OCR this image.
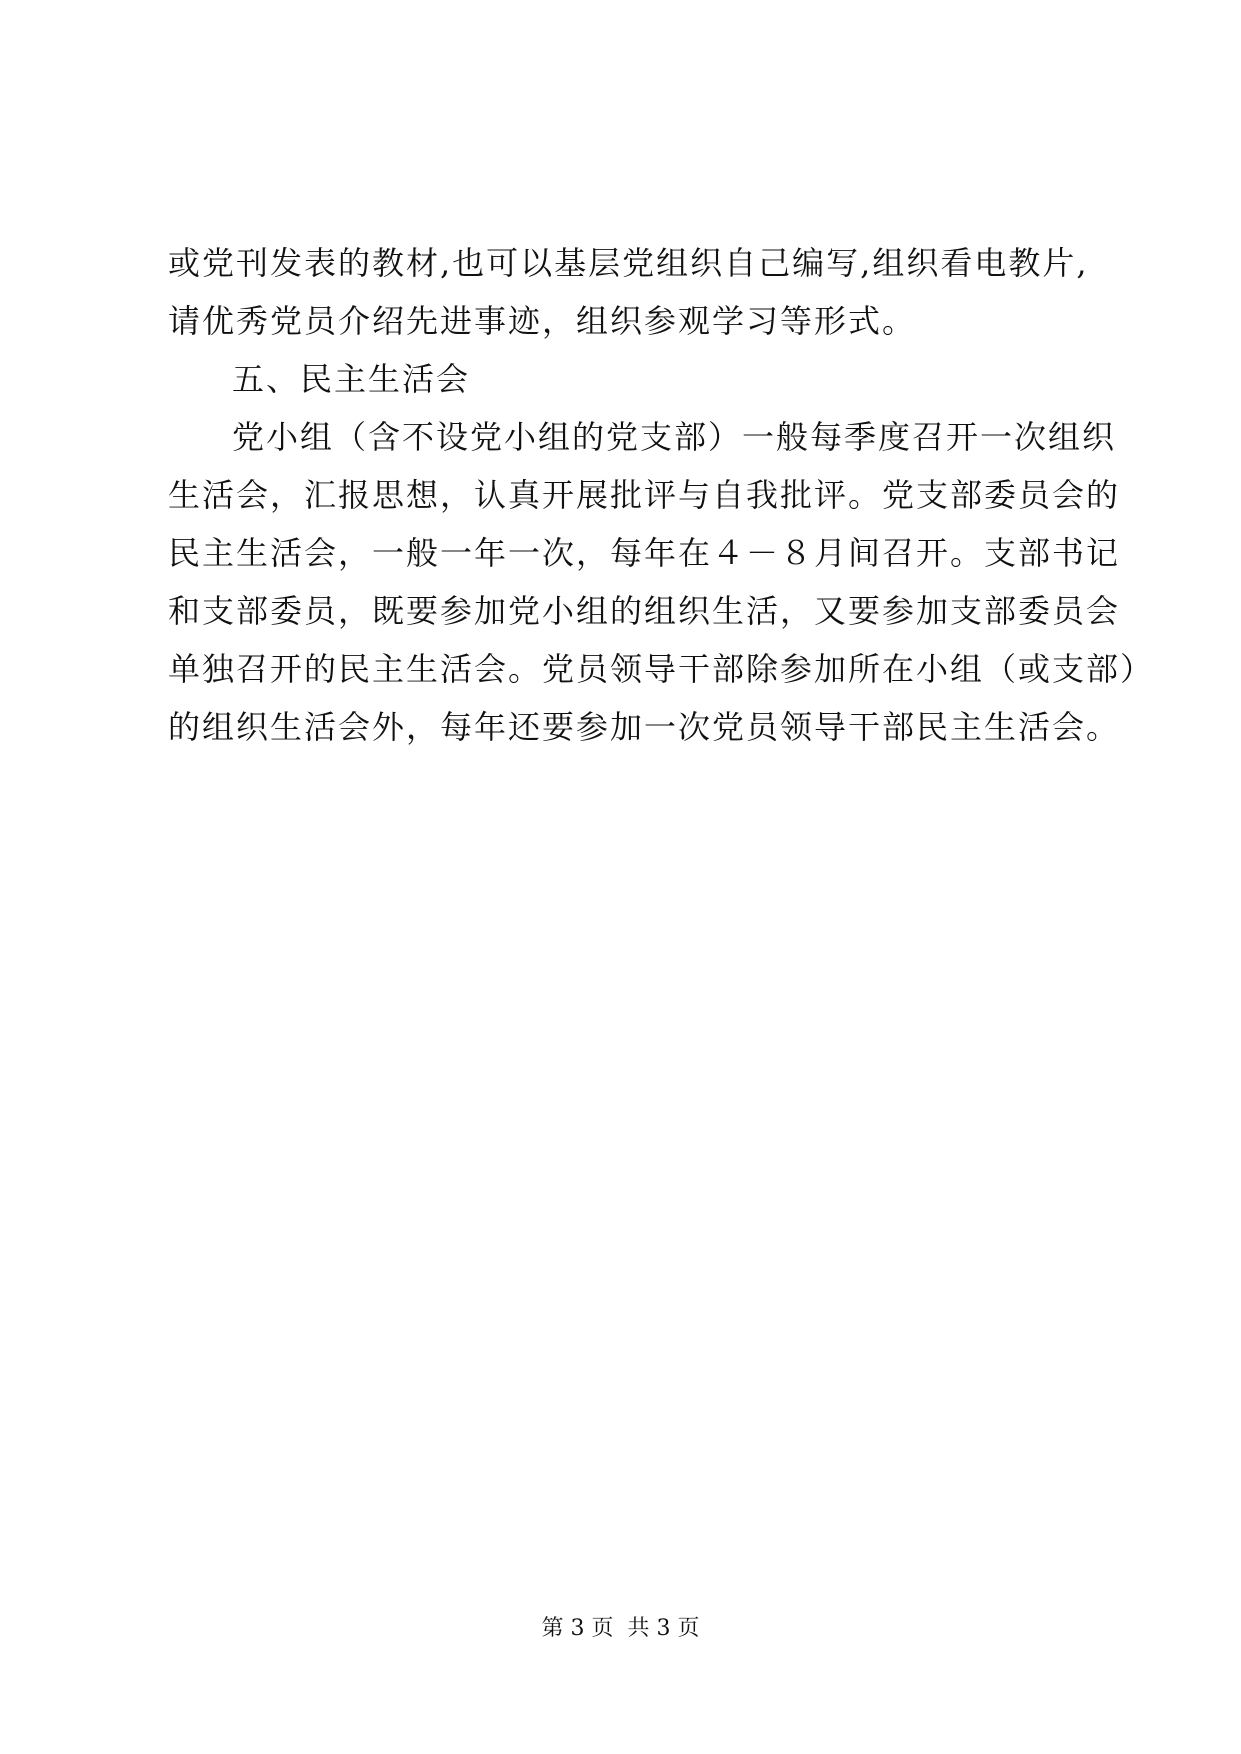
或党刊发表的教材,也可以基层党组织自己编写,组织看电教片,
请优秀党员介绍先进事迹，组织参观学习等形式。
五、民主生活会
党小组（含不设党小组的党支部）一般每季度召开一次组织
生活会，汇报思想，认真开展批评与自我批评。党支部委员会的
民主生活会，一般一年一次，每年在４－８月间召开。支部书记
和支部委员，既要参加党小组的组织生活，又要参加支部委员会
单独召开的民主生活会。党员领导干部除参加所在小组（或支部）
的组织生活会外，每年还要参加一次党员领导干部民主生活会。
第 3 页  共 3 页
